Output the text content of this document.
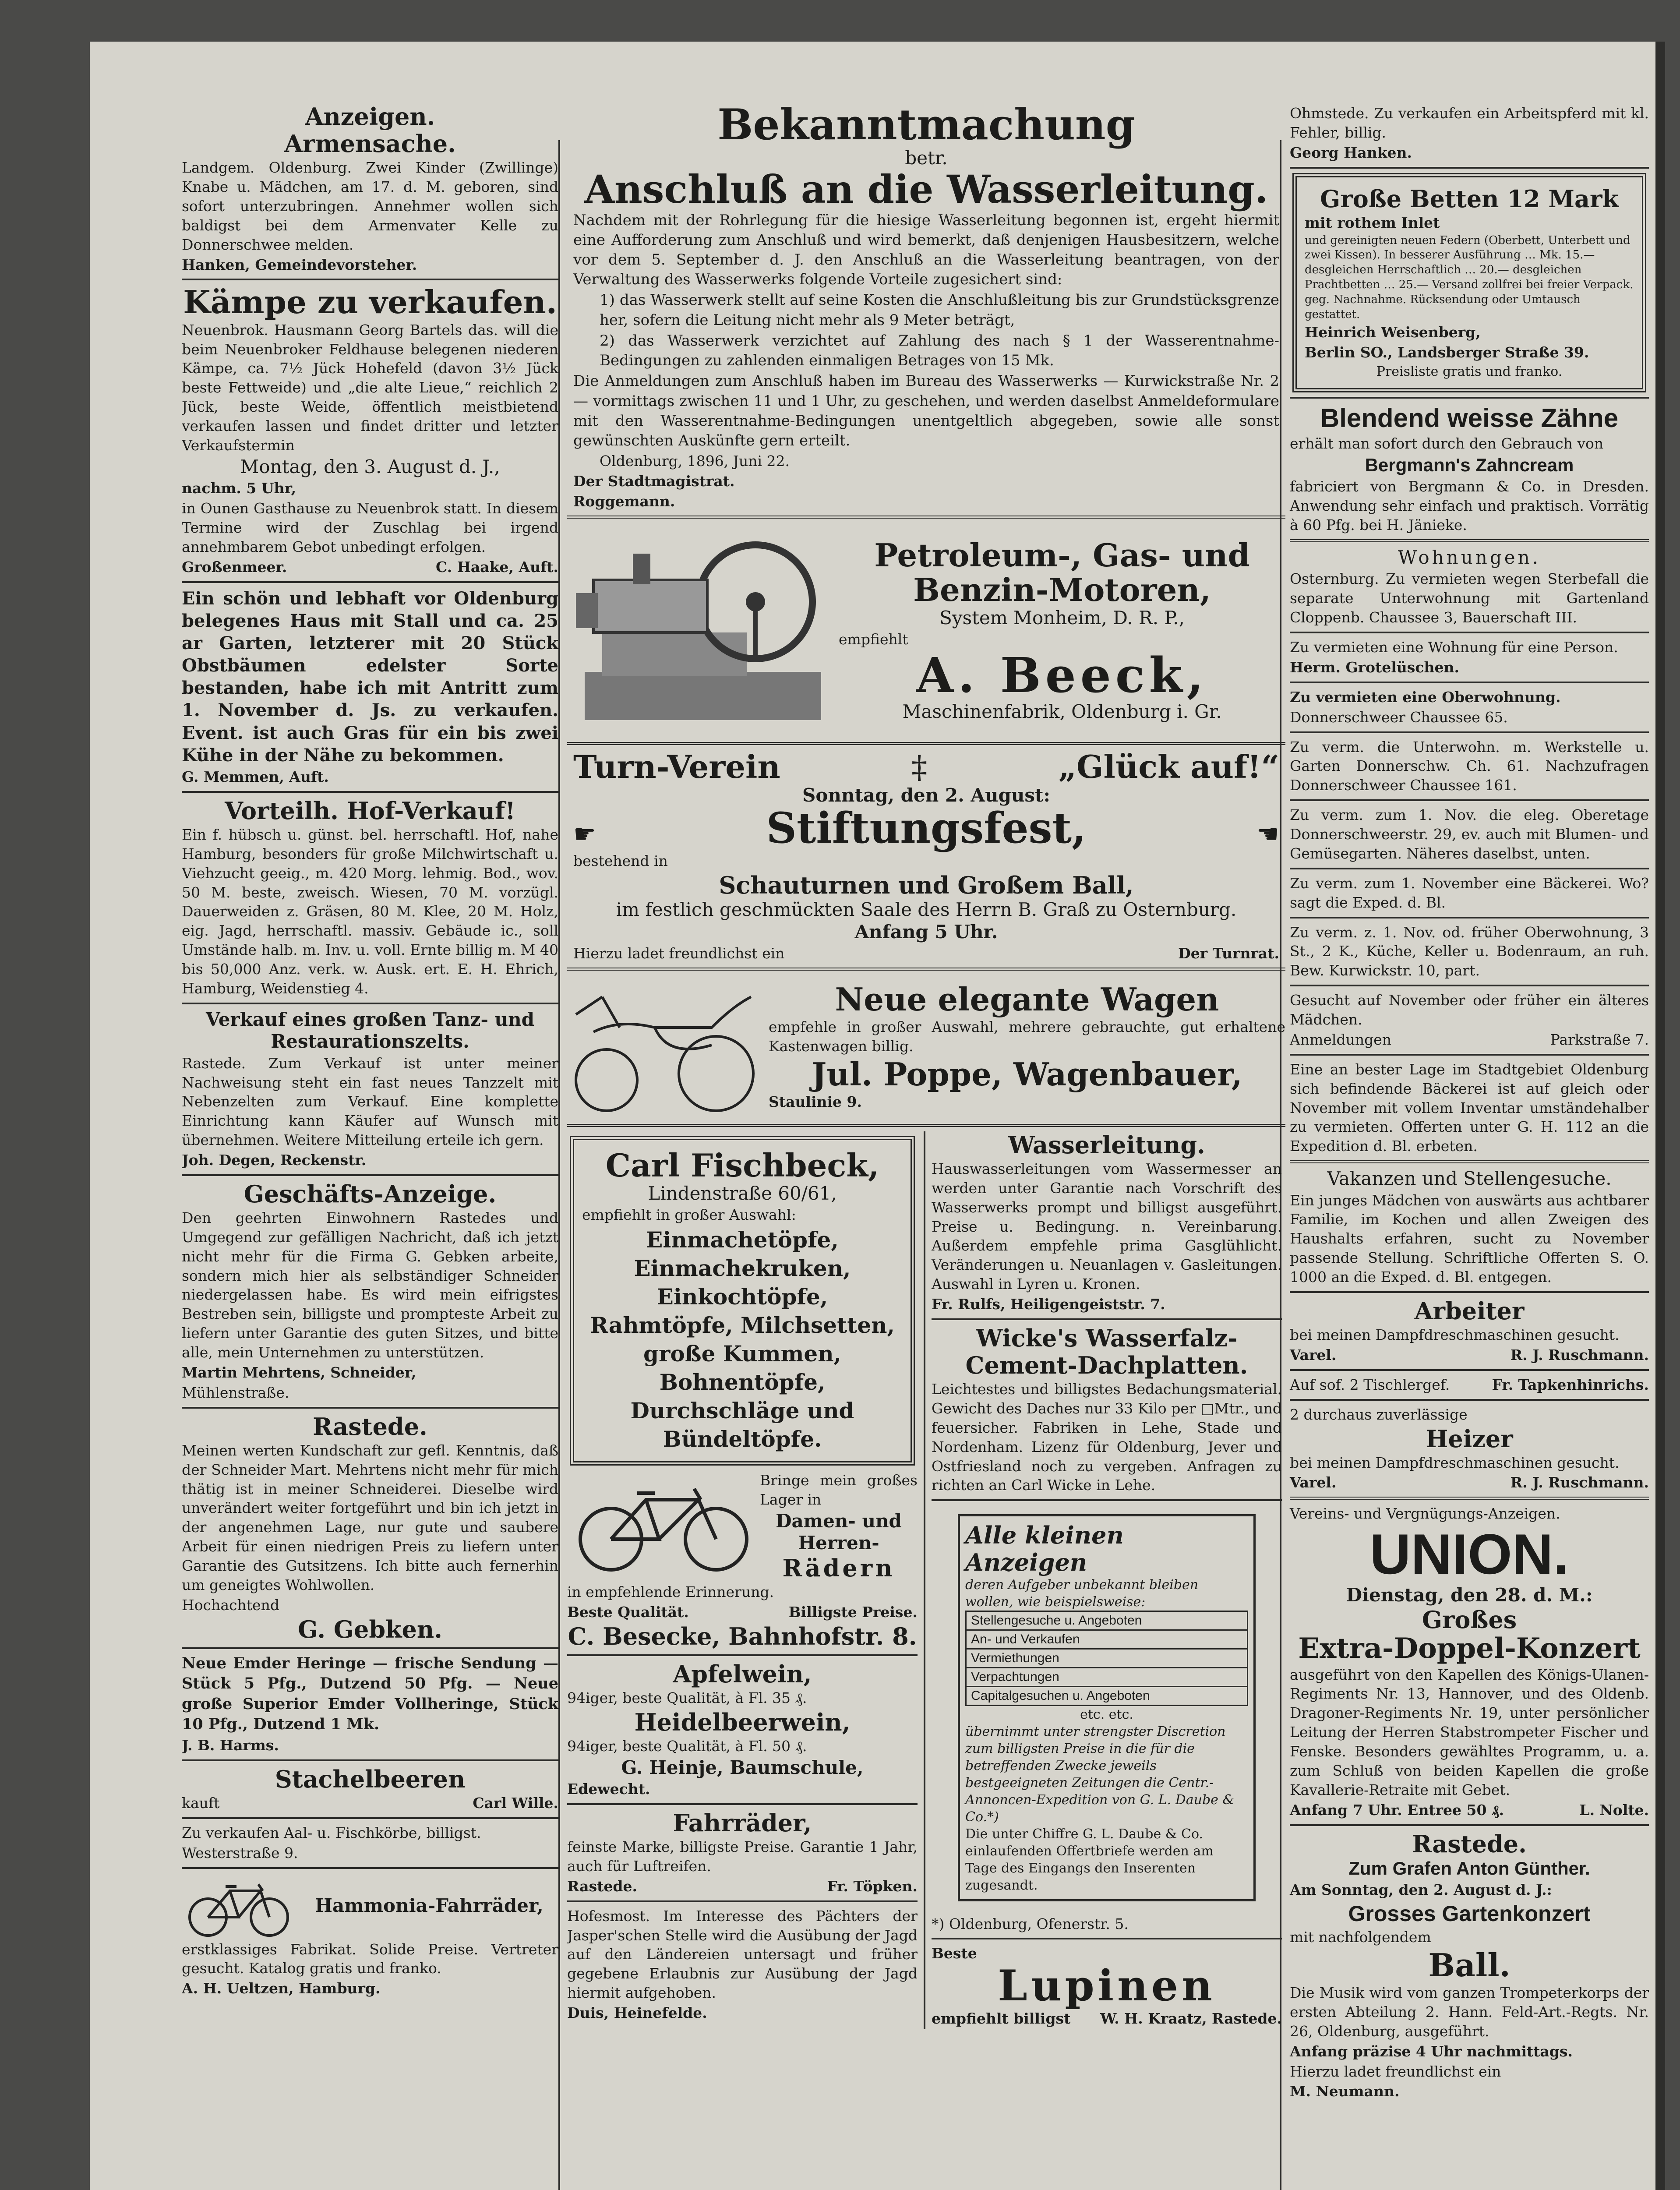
Anzeigen.
Armensache.
Landgem. Oldenburg. Zwei Kinder (Zwillinge) Knabe u. Mädchen, am 17. d. M. geboren, sind sofort unterzubringen. Annehmer wollen sich baldigst bei dem Armenvater Kelle zu Donnerschwee melden.
Hanken, Gemeindevorsteher.
Kämpe zu verkaufen.
Neuenbrok. Hausmann Georg Bartels das. will die beim Neuenbroker Feldhause belegenen niederen Kämpe, ca. 7½ Jück Hohefeld (davon 3½ Jück beste Fettweide) und „die alte Lieue,“ reichlich 2 Jück, beste Weide, öffentlich meistbietend verkaufen lassen und findet dritter und letzter Verkaufstermin
Montag, den 3. August d. J.,
nachm. 5 Uhr,
in Ounen Gasthause zu Neuenbrok statt. In diesem Termine wird der Zuschlag bei irgend annehmbarem Gebot unbedingt erfolgen.
Großenmeer.	C. Haake, Auft.
Ein schön und lebhaft vor Oldenburg belegenes Haus mit Stall und ca. 25 ar Garten, letzterer mit 20 Stück Obstbäumen edelster Sorte bestanden, habe ich mit Antritt zum 1. November d. Js. zu verkaufen. Event. ist auch Gras für ein bis zwei Kühe in der Nähe zu bekommen.
G. Memmen, Auft.
Vorteilh. Hof-Verkauf!
Ein f. hübsch u. günst. bel. herrschaftl. Hof, nahe Hamburg, besonders für große Milchwirtschaft u. Viehzucht geeig., m. 420 Morg. lehmig. Bod., wov. 50 M. beste, zweisch. Wiesen, 70 M. vorzügl. Dauerweiden z. Gräsen, 80 M. Klee, 20 M. Holz, eig. Jagd, herrschaftl. massiv. Gebäude ic., soll Umstände halb. m. Inv. u. voll. Ernte billig m. M 40 bis 50,000 Anz. verk. w. Ausk. ert. E. H. Ehrich, Hamburg, Weidenstieg 4.
Verkauf eines großen Tanz- und Restaurationszelts.
Rastede. Zum Verkauf ist unter meiner Nachweisung steht ein fast neues Tanzzelt mit Nebenzelten zum Verkauf. Eine komplette Einrichtung kann Käufer auf Wunsch mit übernehmen. Weitere Mitteilung erteile ich gern.
Joh. Degen, Reckenstr.
Geschäfts-Anzeige.
Den geehrten Einwohnern Rastedes und Umgegend zur gefälligen Nachricht, daß ich jetzt nicht mehr für die Firma G. Gebken arbeite, sondern mich hier als selbständiger Schneider niedergelassen habe. Es wird mein eifrigstes Bestreben sein, billigste und prompteste Arbeit zu liefern unter Garantie des guten Sitzes, und bitte alle, mein Unternehmen zu unterstützen.
Martin Mehrtens, Schneider,
Mühlenstraße.
Rastede.
Meinen werten Kundschaft zur gefl. Kenntnis, daß der Schneider Mart. Mehrtens nicht mehr für mich thätig ist in meiner Schneiderei. Dieselbe wird unverändert weiter fortgeführt und bin ich jetzt in der angenehmen Lage, nur gute und saubere Arbeit für einen niedrigen Preis zu liefern unter Garantie des Gutsitzens. Ich bitte auch fernerhin um geneigtes Wohlwollen.
Hochachtend
G. Gebken.
Neue Emder Heringe — frische Sendung — Stück 5 Pfg., Dutzend 50 Pfg. — Neue große Superior Emder Vollheringe, Stück 10 Pfg., Dutzend 1 Mk.
J. B. Harms.
Stachelbeeren
kauft	Carl Wille.
Zu verkaufen Aal- u. Fischkörbe, billigst.
Westerstraße 9.
Hammonia-Fahrräder,
erstklassiges Fabrikat. Solide Preise. Vertreter gesucht. Katalog gratis und franko.
A. H. Ueltzen, Hamburg.
Bekanntmachung
betr.
Anschluß an die Wasserleitung.
Nachdem mit der Rohrlegung für die hiesige Wasserleitung begonnen ist, ergeht hiermit eine Aufforderung zum Anschluß und wird bemerkt, daß denjenigen Hausbesitzern, welche vor dem 5. September d. J. den Anschluß an die Wasserleitung beantragen, von der Verwaltung des Wasserwerks folgende Vorteile zugesichert sind:
1) das Wasserwerk stellt auf seine Kosten die Anschlußleitung bis zur Grundstücksgrenze her, sofern die Leitung nicht mehr als 9 Meter beträgt,
2) das Wasserwerk verzichtet auf Zahlung des nach § 1 der Wasserentnahme-Bedingungen zu zahlenden einmaligen Betrages von 15 Mk.
Die Anmeldungen zum Anschluß haben im Bureau des Wasserwerks — Kurwickstraße Nr. 2 — vormittags zwischen 11 und 1 Uhr, zu geschehen, und werden daselbst Anmeldeformulare mit den Wasserentnahme-Bedingungen unentgeltlich abgegeben, sowie alle sonst gewünschten Auskünfte gern erteilt.
Oldenburg, 1896, Juni 22.
Der Stadtmagistrat.
Roggemann.
Petroleum-, Gas- und
Benzin-Motoren,
System Monheim, D. R. P.,
empfiehlt
A. Beeck,
Maschinenfabrik, Oldenburg i. Gr.
Turn-Verein	‡	„Glück auf!“
Sonntag, den 2. August:
☛	Stiftungsfest,	☚
bestehend in
Schauturnen und Großem Ball,
im festlich geschmückten Saale des Herrn B. Graß zu Osternburg.
Anfang 5 Uhr.
Hierzu ladet freundlichst ein	Der Turnrat.
Neue elegante Wagen
empfehle in großer Auswahl, mehrere gebrauchte, gut erhaltene Kastenwagen billig.
Jul. Poppe, Wagenbauer,
Staulinie 9.
Carl Fischbeck,
Lindenstraße 60/61,
empfiehlt in großer Auswahl:
Einmachetöpfe,
Einmachekruken,
Einkochtöpfe,
Rahmtöpfe, Milchsetten,
große Kummen,
Bohnentöpfe,
Durchschläge und
Bündeltöpfe.
Bringe mein großes Lager in
Damen- und Herren-
Rädern
in empfehlende Erinnerung.
Beste Qualität.	Billigste Preise.
C. Besecke, Bahnhofstr. 8.
Apfelwein,
94iger, beste Qualität, à Fl. 35 ₰.
Heidelbeerwein,
94iger, beste Qualität, à Fl. 50 ₰.
G. Heinje, Baumschule,
Edewecht.
Fahrräder,
feinste Marke, billigste Preise. Garantie 1 Jahr, auch für Luftreifen.
Rastede.	Fr. Töpken.
Hofesmost. Im Interesse des Pächters der Jasper'schen Stelle wird die Ausübung der Jagd auf den Ländereien untersagt und früher gegebene Erlaubnis zur Ausübung der Jagd hiermit aufgehoben.
Duis, Heinefelde.
Wasserleitung.
Hauswasserleitungen vom Wassermesser an werden unter Garantie nach Vorschrift des Wasserwerks prompt und billigst ausgeführt. Preise u. Bedingung. n. Vereinbarung. Außerdem empfehle prima Gasglühlicht. Veränderungen u. Neuanlagen v. Gasleitungen. Auswahl in Lyren u. Kronen.
Fr. Rulfs, Heiligengeiststr. 7.
Wicke's Wasserfalz-Cement-Dachplatten.
Leichtestes und billigstes Bedachungsmaterial. Gewicht des Daches nur 33 Kilo per □Mtr., und feuersicher. Fabriken in Lehe, Stade und Nordenham. Lizenz für Oldenburg, Jever und Ostfriesland noch zu vergeben. Anfragen zu richten an Carl Wicke in Lehe.
Alle kleinen Anzeigen
deren Aufgeber unbekannt bleiben wollen, wie beispielsweise:
Stellengesuche u. Angeboten
An- und Verkaufen
Vermiethungen
Verpachtungen
Capitalgesuchen u. Angeboten
etc. etc.
übernimmt unter strengster Discretion zum billigsten Preise in die für die betreffenden Zwecke jeweils bestgeeigneten Zeitungen die Centr.-Annoncen-Expedition von G. L. Daube & Co.*)
Die unter Chiffre G. L. Daube & Co. einlaufenden Offertbriefe werden am Tage des Eingangs den Inserenten zugesandt.
*) Oldenburg, Ofenerstr. 5.
Beste
Lupinen
empfiehlt billigst W. H. Kraatz, Rastede.
Ohmstede. Zu verkaufen ein Arbeitspferd mit kl. Fehler, billig.
Georg Hanken.
Große Betten 12 Mark
mit rothem Inlet
und gereinigten neuen Federn (Oberbett, Unterbett und zwei Kissen). In besserer Ausführung … Mk. 15.— desgleichen Herrschaftlich … 20.— desgleichen Prachtbetten … 25.— Versand zollfrei bei freier Verpack. geg. Nachnahme. Rücksendung oder Umtausch gestattet.
Heinrich Weisenberg,
Berlin SO., Landsberger Straße 39.
Preisliste gratis und franko.
Blendend weisse Zähne
erhält man sofort durch den Gebrauch von
Bergmann's Zahncream
fabriciert von Bergmann & Co. in Dresden. Anwendung sehr einfach und praktisch. Vorrätig à 60 Pfg. bei H. Jänieke.
Wohnungen.
Osternburg. Zu vermieten wegen Sterbefall die separate Unterwohnung mit Gartenland Cloppenb. Chaussee 3, Bauerschaft III.
Zu vermieten eine Wohnung für eine Person.
Herm. Grotelüschen.
Zu vermieten eine Oberwohnung.
Donnerschweer Chaussee 65.
Zu verm. die Unterwohn. m. Werkstelle u. Garten Donnerschw. Ch. 61. Nachzufragen Donnerschweer Chaussee 161.
Zu verm. zum 1. Nov. die eleg. Oberetage Donnerschweerstr. 29, ev. auch mit Blumen- und Gemüsegarten. Näheres daselbst, unten.
Zu verm. zum 1. November eine Bäckerei. Wo? sagt die Exped. d. Bl.
Zu verm. z. 1. Nov. od. früher Oberwohnung, 3 St., 2 K., Küche, Keller u. Bodenraum, an ruh. Bew. Kurwickstr. 10, part.
Gesucht auf November oder früher ein älteres Mädchen.
Anmeldungen	Parkstraße 7.
Eine an bester Lage im Stadtgebiet Oldenburg sich befindende Bäckerei ist auf gleich oder November mit vollem Inventar umständehalber zu vermieten. Offerten unter G. H. 112 an die Expedition d. Bl. erbeten.
Vakanzen und Stellengesuche.
Ein junges Mädchen von auswärts aus achtbarer Familie, im Kochen und allen Zweigen des Haushalts erfahren, sucht zu November passende Stellung. Schriftliche Offerten S. O. 1000 an die Exped. d. Bl. entgegen.
Arbeiter
bei meinen Dampfdreschmaschinen gesucht.
Varel.	R. J. Ruschmann.
Auf sof. 2 Tischlergef.	Fr. Tapkenhinrichs.
2 durchaus zuverlässige
Heizer
bei meinen Dampfdreschmaschinen gesucht.
Varel.	R. J. Ruschmann.
Vereins- und Vergnügungs-Anzeigen.
UNION.
Dienstag, den 28. d. M.:
Großes
Extra-Doppel-Konzert
ausgeführt von den Kapellen des Königs-Ulanen-Regiments Nr. 13, Hannover, und des Oldenb. Dragoner-Regiments Nr. 19, unter persönlicher Leitung der Herren Stabstrompeter Fischer und Fenske. Besonders gewähltes Programm, u. a. zum Schluß von beiden Kapellen die große Kavallerie-Retraite mit Gebet.
Anfang 7 Uhr. Entree 50 ₰.	L. Nolte.
Rastede.
Zum Grafen Anton Günther.
Am Sonntag, den 2. August d. J.:
Grosses Gartenkonzert
mit nachfolgendem
Ball.
Die Musik wird vom ganzen Trompeterkorps der ersten Abteilung 2. Hann. Feld-Art.-Regts. Nr. 26, Oldenburg, ausgeführt.
Anfang präzise 4 Uhr nachmittags.
Hierzu ladet freundlichst ein
M. Neumann.
